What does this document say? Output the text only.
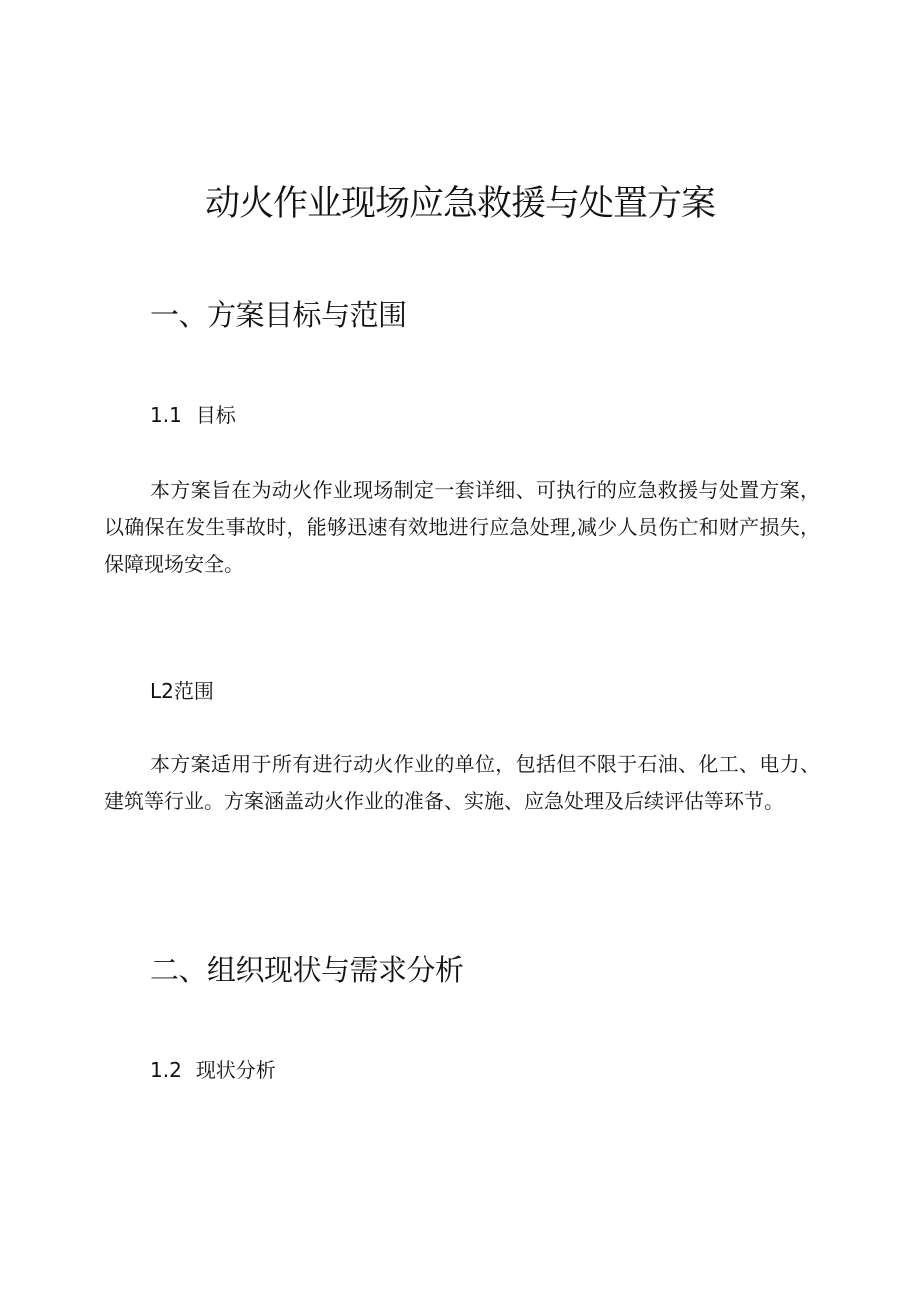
动火作业现场应急救援与处置方案
一、方案目标与范围
1.1 目标
本方案旨在为动火作业现场制定一套详细、可执行的应急救援与处置方案，以确保在发生事故时，能够迅速有效地进行应急处理,减少人员伤亡和财产损失，保障现场安全。
L2范围
本方案适用于所有进行动火作业的单位，包括但不限于石油、化工、电力、建筑等行业。方案涵盖动火作业的准备、实施、应急处理及后续评估等环节。
二、组织现状与需求分析
1.2 现状分析
